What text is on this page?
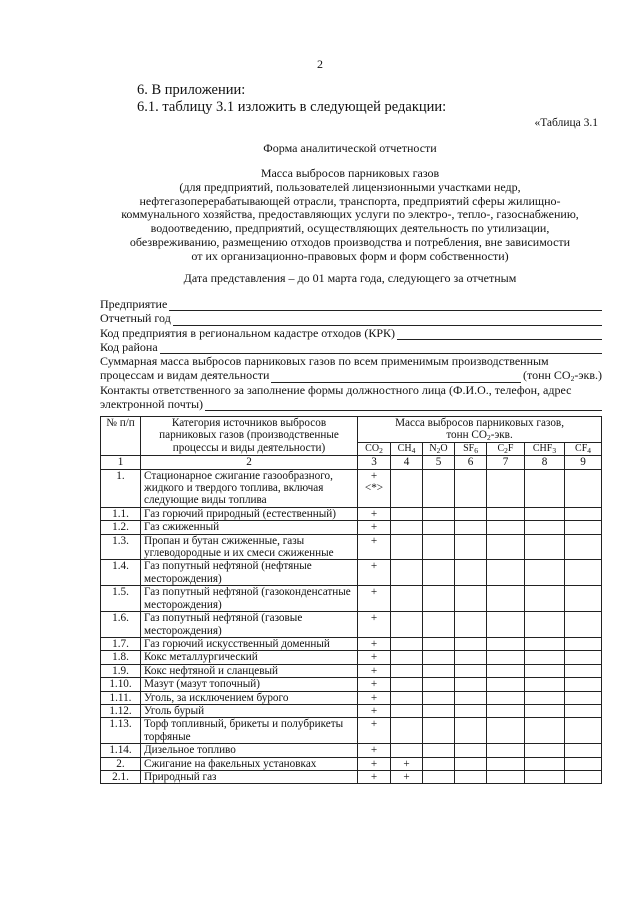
2
6. В приложении:
6.1. таблицу 3.1 изложить в следующей редакции:
«Таблица 3.1
Форма аналитической отчетности
Масса выбросов парниковых газов
(для предприятий, пользователей лицензионными участками недр,
нефтегазоперерабатывающей отрасли, транспорта, предприятий сферы жилищно-
коммунального хозяйства, предоставляющих услуги по электро-, тепло-, газоснабжению,
водоотведению, предприятий, осуществляющих деятельность по утилизации,
обезвреживанию, размещению отходов производства и потребления, вне зависимости
от их организационно-правовых форм и форм собственности)
Дата представления – до 01 марта года, следующего за отчетным
Предприятие
Отчетный год
Код предприятия в региональном кадастре отходов (КРК)
Код района
Суммарная масса выбросов парниковых газов по всем применимым производственным
процессам и видам деятельности	(тонн $CO_2-экв$.)
Контакты ответственного за заполнение формы должностного лица (Ф.И.О., телефон, адрес
электронной почты)
№ п/п	Категория источников выбросов парниковых газов (производственные процессы и виды деятельности)	Массa выбросов парниковых газов,
тонн $CO_2$-экв.						

		$CO_2$	$CH_4$	$N_2O$	$SF_6$	$C_2F$	$CHF_3$	$CF_4$
1	2	3	4	5	6	7	8	9
1.	Стационарное сжигание газообразного, жидкого и твердого топлива, включая следующие виды топлива	+ <*>						
1.1.	Газ горючий природный (естественный)	+						
1.2.	Газ сжиженный	+						
1.3.	Пропан и бутан сжиженные, газы углеводородные и их смеси сжиженные	+						
1.4.	Газ попутный нефтяной (нефтяные месторождения)	+						
1.5.	Газ попутный нефтяной (газоконденсатные месторождения)	+						
1.6.	Газ попутный нефтяной (газовые месторождения)	+						
1.7.	Газ горючий искусственный доменный	+						
1.8.	Кокс металлургический	+						
1.9.	Кокс нефтяной и сланцевый	+						
1.10.	Мазут (мазут топочный)	+						
1.11.	Уголь, за исключением бурого	+						
1.12.	Уголь бурый	+						
1.13.	Торф топливный, брикеты и полубрикеты торфяные	+						
1.14.	Дизельное топливо	+						
2.	Сжигание на факельных установках	+	+					
2.1.	Природный газ	+	+					
